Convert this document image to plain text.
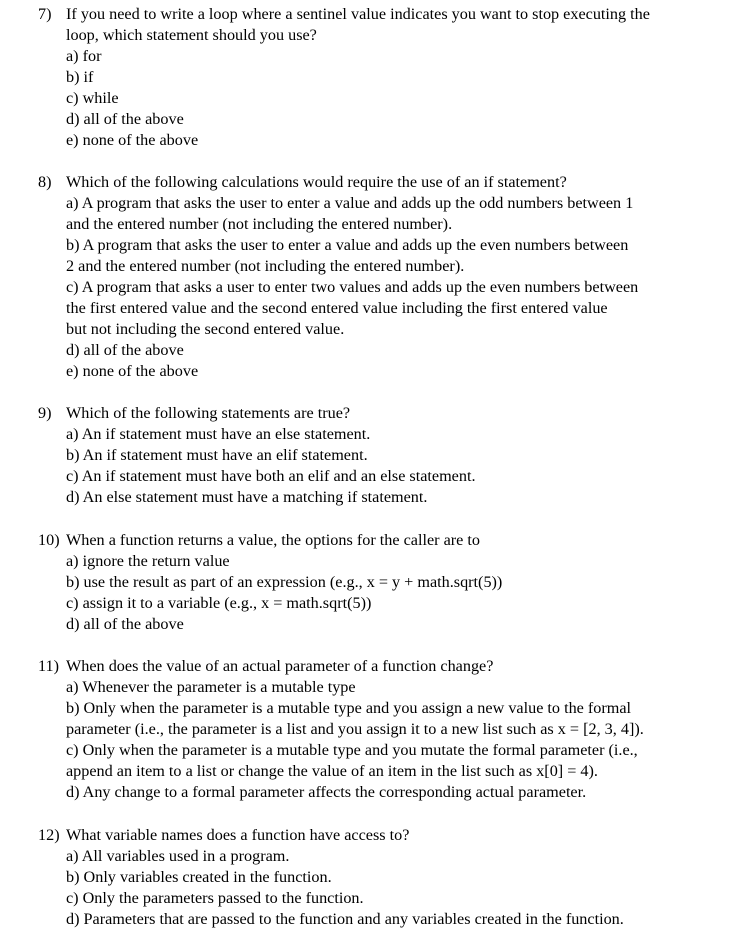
7) If you need to write a loop where a sentinel value indicates you want to stop executing the
loop, which statement should you use?
a) for
b) if
c) while
d) all of the above
e) none of the above
8) Which of the following calculations would require the use of an if statement?
a) A program that asks the user to enter a value and adds up the odd numbers between 1
and the entered number (not including the entered number).
b) A program that asks the user to enter a value and adds up the even numbers between
2 and the entered number (not including the entered number).
c) A program that asks a user to enter two values and adds up the even numbers between
the first entered value and the second entered value including the first entered value
but not including the second entered value.
d) all of the above
e) none of the above
9) Which of the following statements are true?
a) An if statement must have an else statement.
b) An if statement must have an elif statement.
c) An if statement must have both an elif and an else statement.
d) An else statement must have a matching if statement.
10) When a function returns a value, the options for the caller are to
a) ignore the return value
b) use the result as part of an expression (e.g., x = y + math.sqrt(5))
c) assign it to a variable (e.g., x = math.sqrt(5))
d) all of the above
11) When does the value of an actual parameter of a function change?
a) Whenever the parameter is a mutable type
b) Only when the parameter is a mutable type and you assign a new value to the formal
parameter (i.e., the parameter is a list and you assign it to a new list such as x = [2, 3, 4]).
c) Only when the parameter is a mutable type and you mutate the formal parameter (i.e.,
append an item to a list or change the value of an item in the list such as x[0] = 4).
d) Any change to a formal parameter affects the corresponding actual parameter.
12) What variable names does a function have access to?
a) All variables used in a program.
b) Only variables created in the function.
c) Only the parameters passed to the function.
d) Parameters that are passed to the function and any variables created in the function.
